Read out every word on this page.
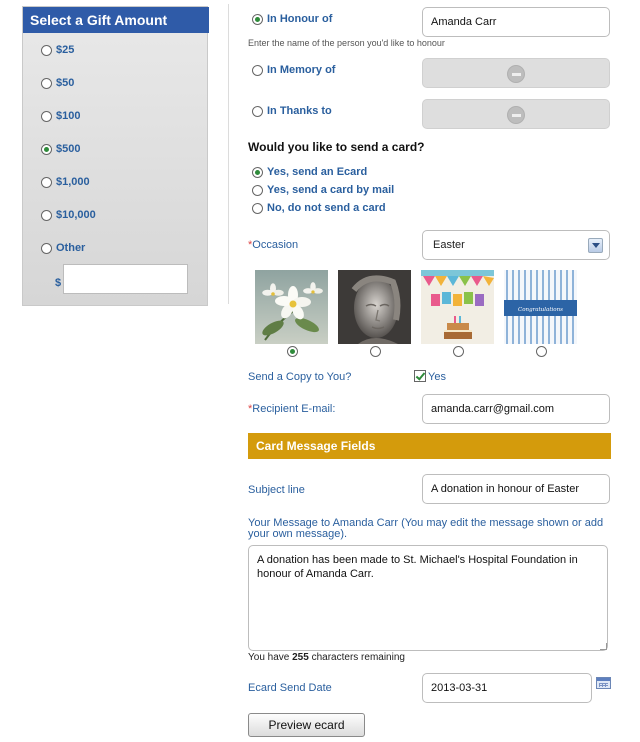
Select a Gift Amount
$25
$50
$100
$500
$1,000
$10,000
Other
$
In Honour of
Amanda Carr
Enter the name of the person you'd like to honour
In Memory of
In Thanks to
Would you like to send a card?
Yes, send an Ecard
Yes, send a card by mail
No, do not send a card
*Occasion	Easter
Congratulations
Send a Copy to You?	Yes
*Recipient E-mail:
amanda.carr@gmail.com
Card Message Fields
Subject line
A donation in honour of Easter
Your Message to Amanda Carr (You may edit the message shown or add your own message).
A donation has been made to St. Michael's Hospital Foundation in honour of Amanda Carr.
You have 255 characters remaining
Ecard Send Date
2013-03-31
Preview ecard
